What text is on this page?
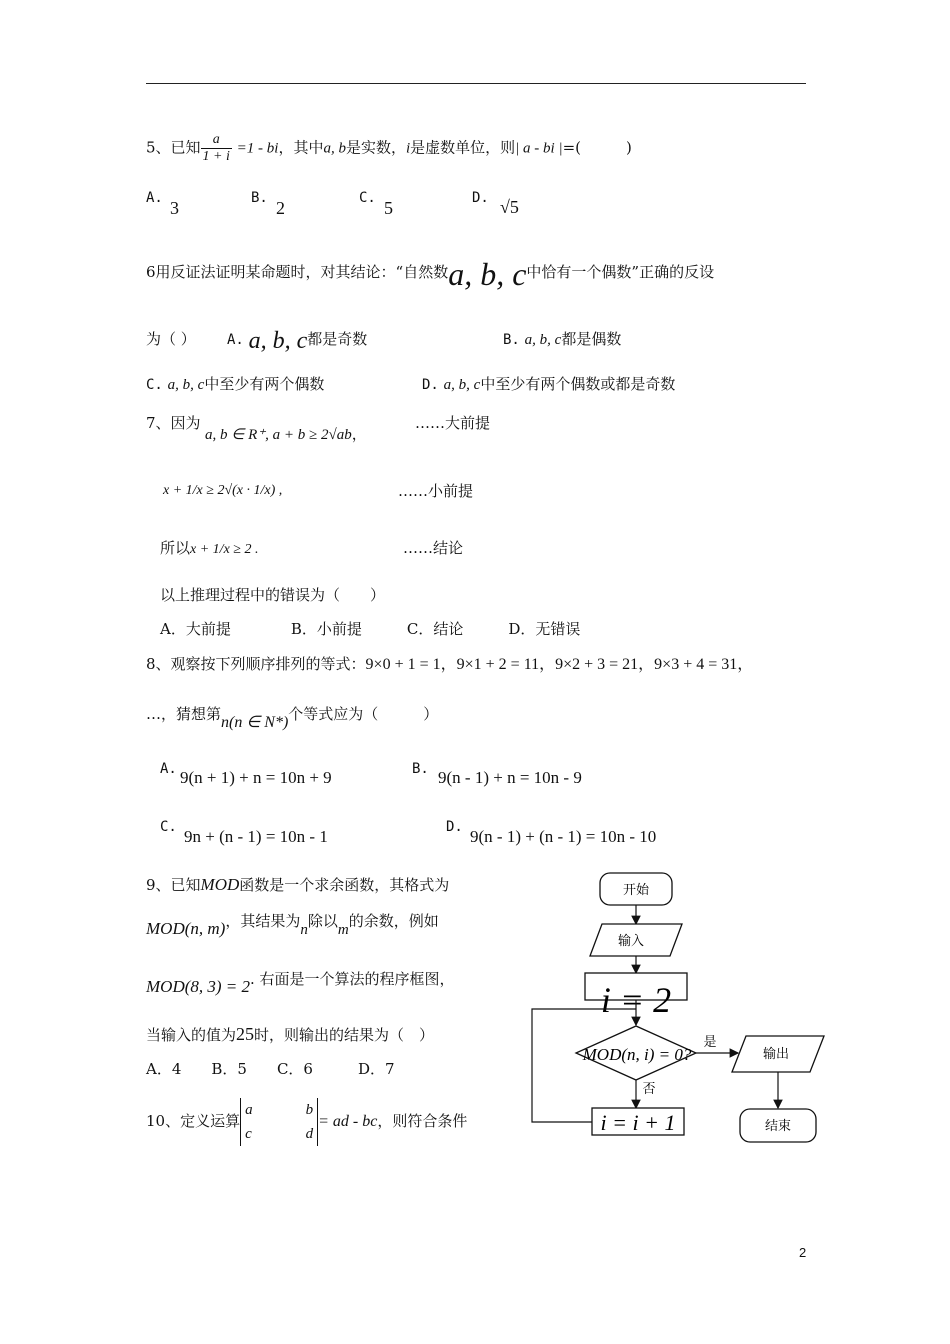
5、已知 $\frac{a}{1 + i} =1$ - bi，其中a, b是实数，i是虚数单位，则| a - bi |=(　　　)
A. 3	B. 2	C. 5	D. √5
6用反证法证明某命题时，对其结论：“自然数a, b, c中恰有一个偶数”正确的反设
为（ ） A. a, b, c都是奇数	B. a, b, c都是偶数
C. a, b, c中至少有两个偶数	D. a, b, c中至少有两个偶数或都是奇数
7、因为
a, b ∈ R⁺, a + b ≥ 2√ab，
……大前提
x + 1/x ≥ 2√(x · 1/x) ,	……小前提
所以x + 1/x ≥ 2 .	……结论
以上推理过程中的错误为（　　）
A．大前提　　　　B．小前提　　　C．结论　　　D．无错误
8、观察按下列顺序排列的等式：9×0 + 1 = 1，9×1 + 2 = 11，9×2 + 3 = 21，9×3 + 4 = 31，
…，猜想第n(n ∈ N*)个等式应为（　　　）
A. 9(n + 1) + n = 10n + 9	B. 9(n - 1) + n = 10n - 9
C. 9n + (n - 1) = 10n - 1	D. 9(n - 1) + (n - 1) = 10n - 10
9、已知MOD函数是一个求余函数，其格式为
MOD(n, m)，其结果为n除以m的余数，例如
MOD(8, 3) = 2. 右面是一个算法的程序框图，
当输入的值为25时，则输出的结果为（　）
A．4　　B．5　　C．6　　　D．7
开始
输入
i = 2
MOD(n, i) = 0?
是
输出
结束
否
i = i + 1
10、定义运算a	b
c	d= ad - bc，则符合条件
2
